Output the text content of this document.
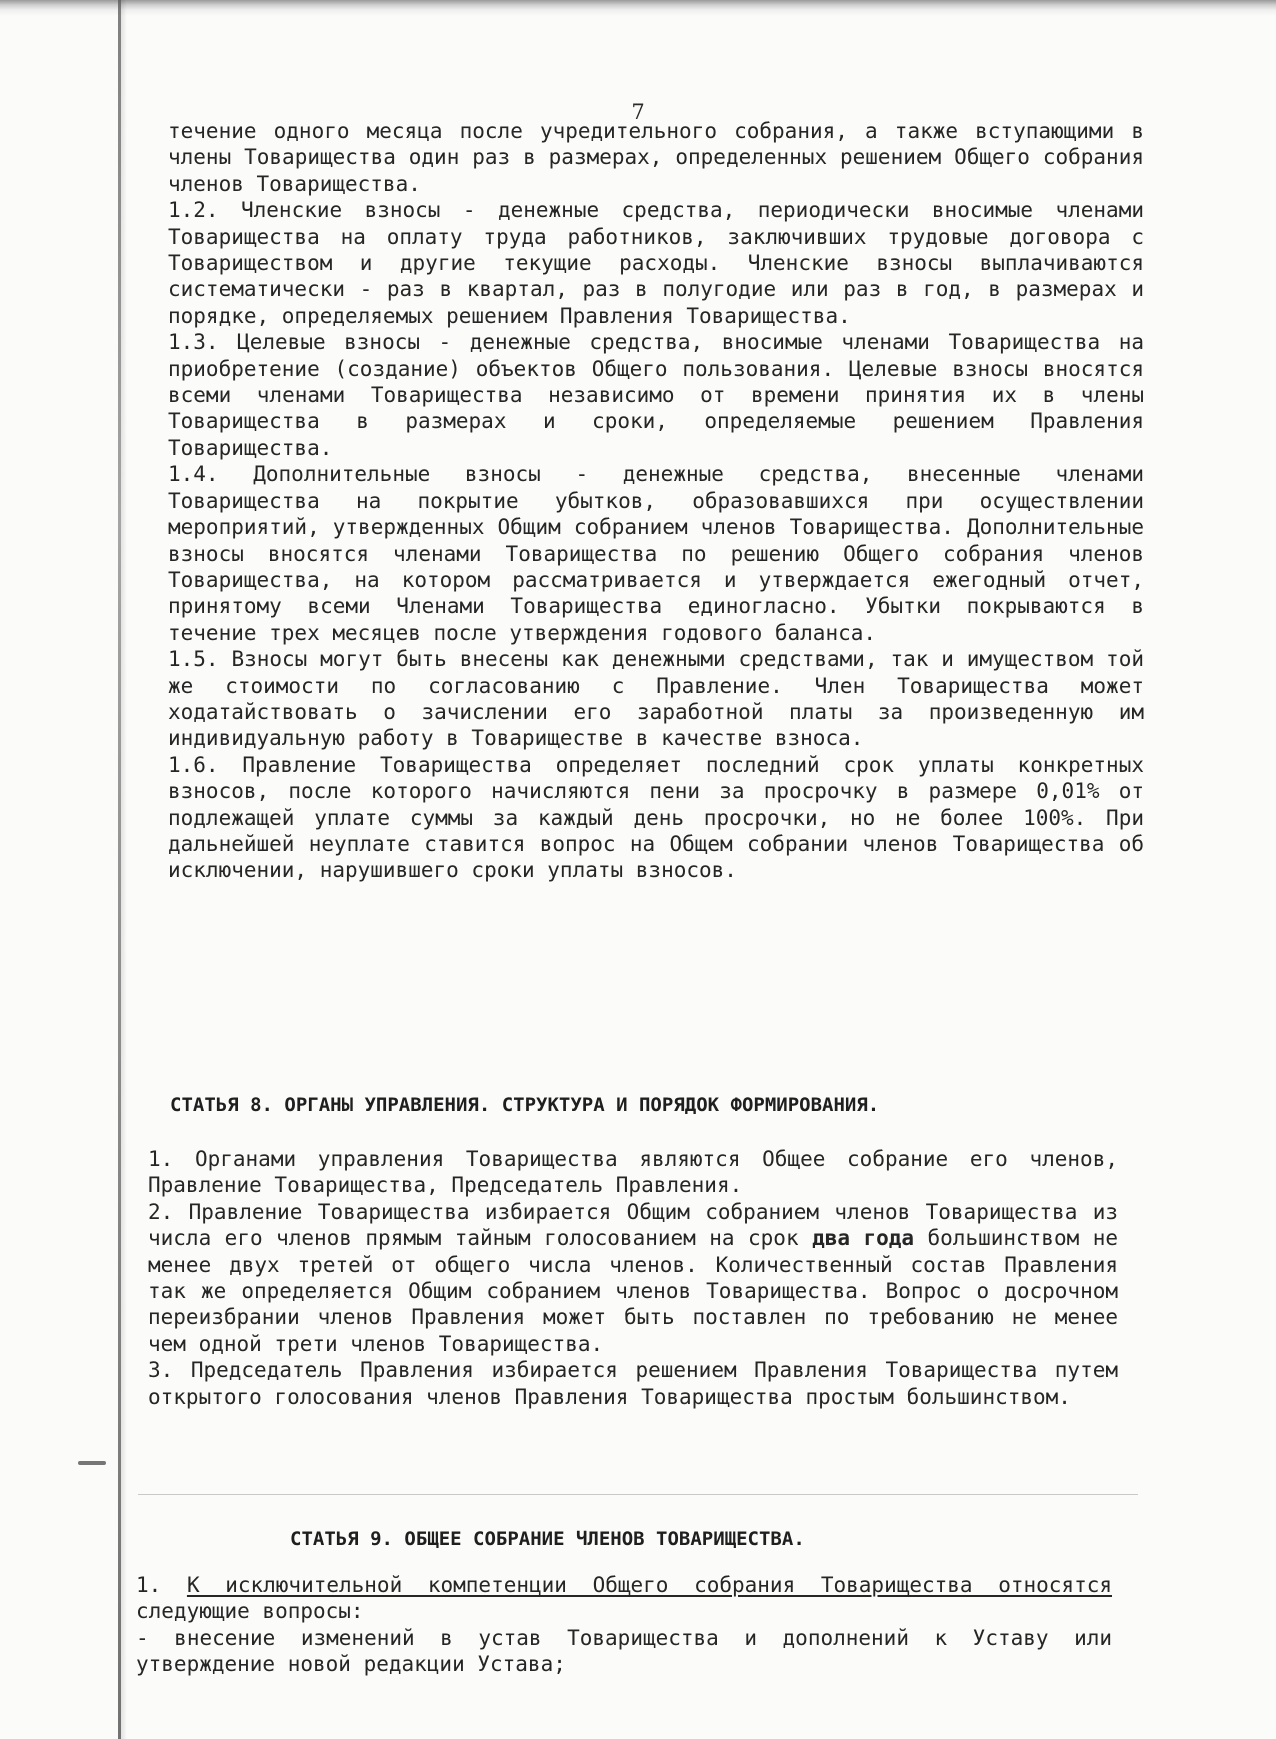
7

течение одного месяца после учредительного собрания, а также вступающими в члены Товарищества один раз в размерах, определенных решением Общего собрания членов Товарищества.

1.2. Членские взносы - денежные средства, периодически вносимые членами Товарищества на оплату труда работников, заключивших трудовые договора с Товариществом и другие текущие расходы. Членские взносы выплачиваются систематически - раз в квартал, раз в полугодие или раз в год, в размерах и порядке, определяемых решением Правления Товарищества.

1.3. Целевые взносы - денежные средства, вносимые членами Товарищества на приобретение (создание) объектов Общего пользования. Целевые взносы вносятся всеми членами Товарищества независимо от времени принятия их в члены Товарищества в размерах и сроки, определяемые решением Правления Товарищества.

1.4. Дополнительные взносы - денежные средства, внесенные членами Товарищества на покрытие убытков, образовавшихся при осуществлении мероприятий, утвержденных Общим собранием членов Товарищества. Дополнительные взносы вносятся членами Товарищества по решению Общего собрания членов Товарищества, на котором рассматривается и утверждается ежегодный отчет, принятому всеми Членами Товарищества единогласно. Убытки покрываются в течение трех месяцев после утверждения годового баланса.

1.5. Взносы могут быть внесены как денежными средствами, так и имуществом той же стоимости по согласованию с Правление. Член Товарищества может ходатайствовать о зачислении его заработной платы за произведенную им индивидуальную работу в Товариществе в качестве взноса.

1.6. Правление Товарищества определяет последний срок уплаты конкретных взносов, после которого начисляются пени за просрочку в размере 0,01% от подлежащей уплате суммы за каждый день просрочки, но не более 100%. При дальнейшей неуплате ставится вопрос на Общем собрании членов Товарищества об исключении, нарушившего сроки уплаты взносов.

СТАТЬЯ 8. ОРГАНЫ УПРАВЛЕНИЯ. СТРУКТУРА И ПОРЯДОК ФОРМИРОВАНИЯ.

1. Органами управления Товарищества являются Общее собрание его членов, Правление Товарищества, Председатель Правления.

2. Правление Товарищества избирается Общим собранием членов Товарищества из числа его членов прямым тайным голосованием на срок два года большинством не менее двух третей от общего числа членов. Количественный состав Правления так же определяется Общим собранием членов Товарищества. Вопрос о досрочном переизбрании членов Правления может быть поставлен по требованию не менее чем одной трети членов Товарищества.

3. Председатель Правления избирается решением Правления Товарищества путем открытого голосования членов Правления Товарищества простым большинством.

СТАТЬЯ 9. ОБЩЕЕ СОБРАНИЕ ЧЛЕНОВ ТОВАРИЩЕСТВА.

1. К исключительной компетенции Общего собрания Товарищества относятся следующие вопросы:

- внесение изменений в устав Товарищества и дополнений к Уставу или утверждение новой редакции Устава;
